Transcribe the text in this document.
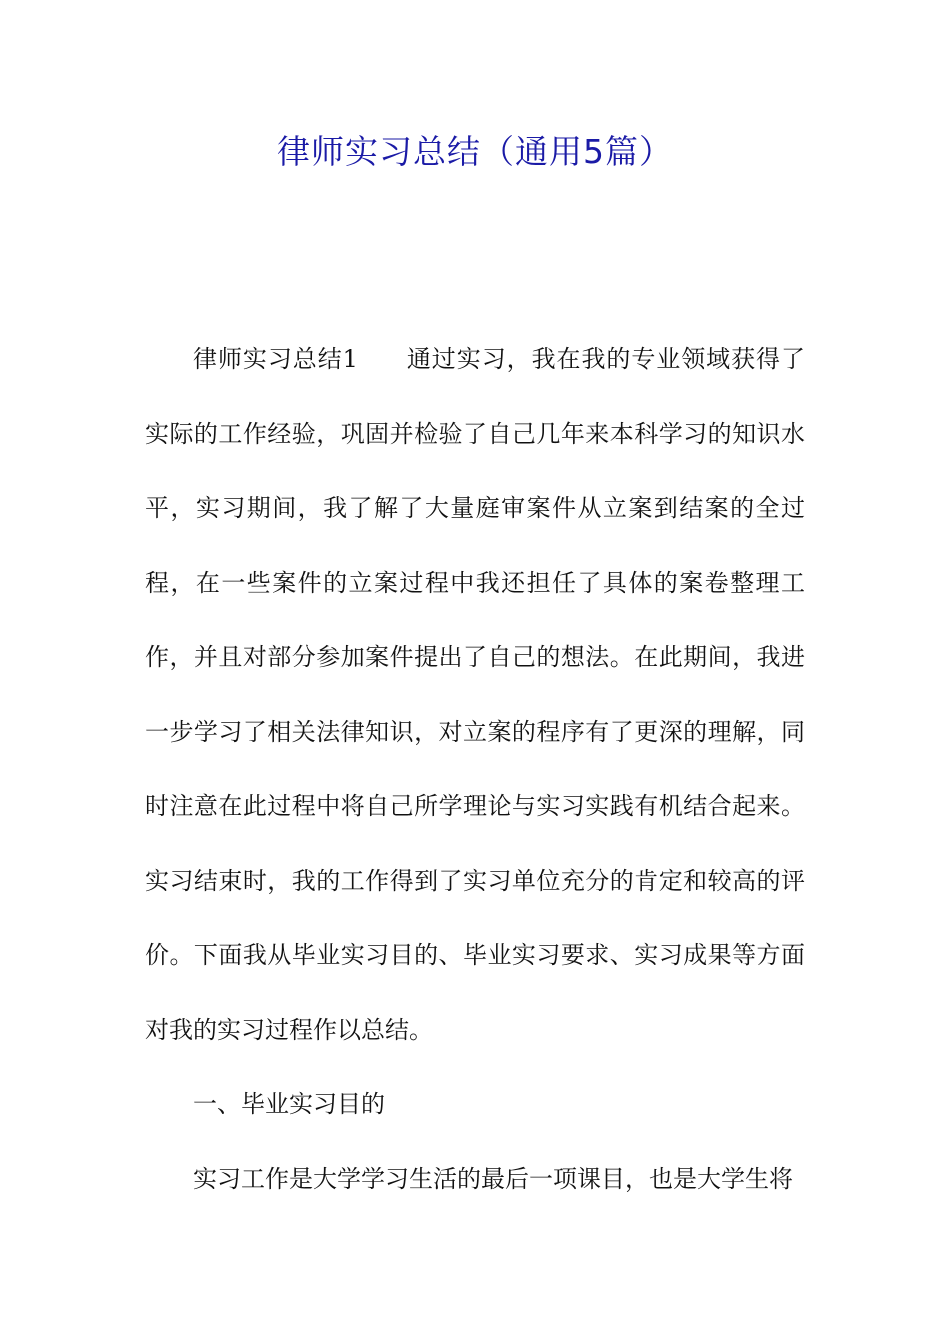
律师实习总结（通用5篇）

律师实习总结1 通过实习，我在我的专业领域获得了实际的工作经验，巩固并检验了自己几年来本科学习的知识水平，实习期间，我了解了大量庭审案件从立案到结案的全过程，在一些案件的立案过程中我还担任了具体的案卷整理工作，并且对部分参加案件提出了自己的想法。在此期间，我进一步学习了相关法律知识，对立案的程序有了更深的理解，同时注意在此过程中将自己所学理论与实习实践有机结合起来。实习结束时，我的工作得到了实习单位充分的肯定和较高的评价。下面我从毕业实习目的、毕业实习要求、实习成果等方面对我的实习过程作以总结。

一、毕业实习目的

实习工作是大学学习生活的最后一项课目，也是大学生将
